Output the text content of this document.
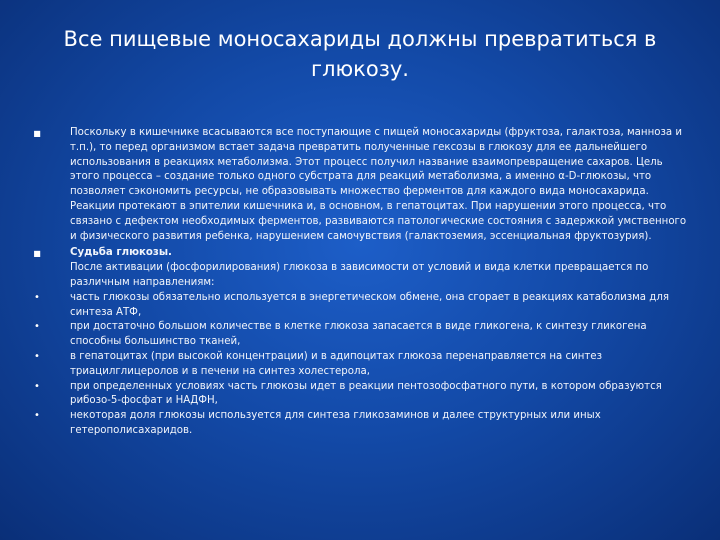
Все пищевые моносахариды должны превратиться в глюкозу.
■	Поскольку в кишечнике всасываются все поступающие с пищей моносахариды (фруктоза, галактоза, манноза и т.п.), то перед организмом встает задача превратить полученные гексозы в глюкозу для ее дальнейшего использования в реакциях метаболизма. Этот процесс получил название взаимопревращение сахаров. Цель этого процесса – создание только одного субстрата для реакций метаболизма, а именно α-D-глюкозы, что позволяет сэкономить ресурсы, не образовывать множество ферментов для каждого вида моносахарида. Реакции протекают в эпителии кишечника и, в основном, в гепатоцитах. При нарушении этого процесса, что связано с дефектом необходимых ферментов, развиваются патологические состояния с задержкой умственного и физического развития ребенка, нарушением самочувствия (галактоземия, эссенциальная фруктозурия).
■	Судьба глюкозы.
После активации (фосфорилирования) глюкоза в зависимости от условий и вида клетки превращается по различным направлениям:
•	часть глюкозы обязательно используется в энергетическом обмене, она сгорает в реакциях катаболизма для синтеза АТФ,
•	при достаточно большом количестве в клетке глюкоза запасается в виде гликогена, к синтезу гликогена способны большинство тканей,
•	в гепатоцитах (при высокой концентрации) и в адипоцитах глюкоза перенаправляется на синтез триацилглицеролов и в печени на синтез холестерола,
•	при определенных условиях часть глюкозы идет в реакции пентозофосфатного пути, в котором образуются рибозо-5-фосфат и НАДФН,
•	некоторая доля глюкозы используется для синтеза гликозаминов и далее структурных или иных гетерополисахаридов.
